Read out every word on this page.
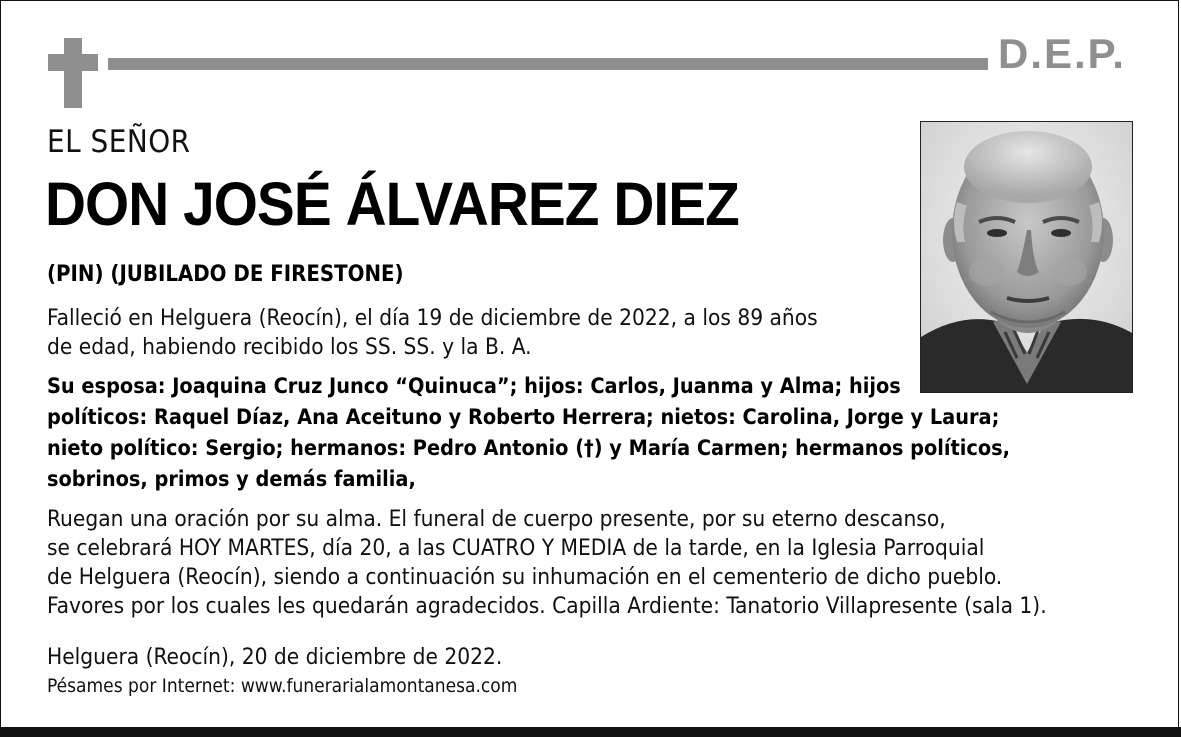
D.E.P.
EL SEÑOR
DON JOSÉ ÁLVAREZ DIEZ
(PIN) (JUBILADO DE FIRESTONE)
Falleció en Helguera (Reocín), el día 19 de diciembre de 2022, a los 89 años
de edad, habiendo recibido los SS. SS. y la B. A.
Su esposa: Joaquina Cruz Junco “Quinuca”; hijos: Carlos, Juanma y Alma; hijos
políticos: Raquel Díaz, Ana Aceituno y Roberto Herrera; nietos: Carolina, Jorge y Laura;
nieto político: Sergio; hermanos: Pedro Antonio (†) y María Carmen; hermanos políticos,
sobrinos, primos y demás familia,
Ruegan una oración por su alma. El funeral de cuerpo presente, por su eterno descanso,
se celebrará HOY MARTES, día 20, a las CUATRO Y MEDIA de la tarde, en la Iglesia Parroquial
de Helguera (Reocín), siendo a continuación su inhumación en el cementerio de dicho pueblo.
Favores por los cuales les quedarán agradecidos. Capilla Ardiente: Tanatorio Villapresente (sala 1).
Helguera (Reocín), 20 de diciembre de 2022.
Pésames por Internet: www.funerarialamontanesa.com
